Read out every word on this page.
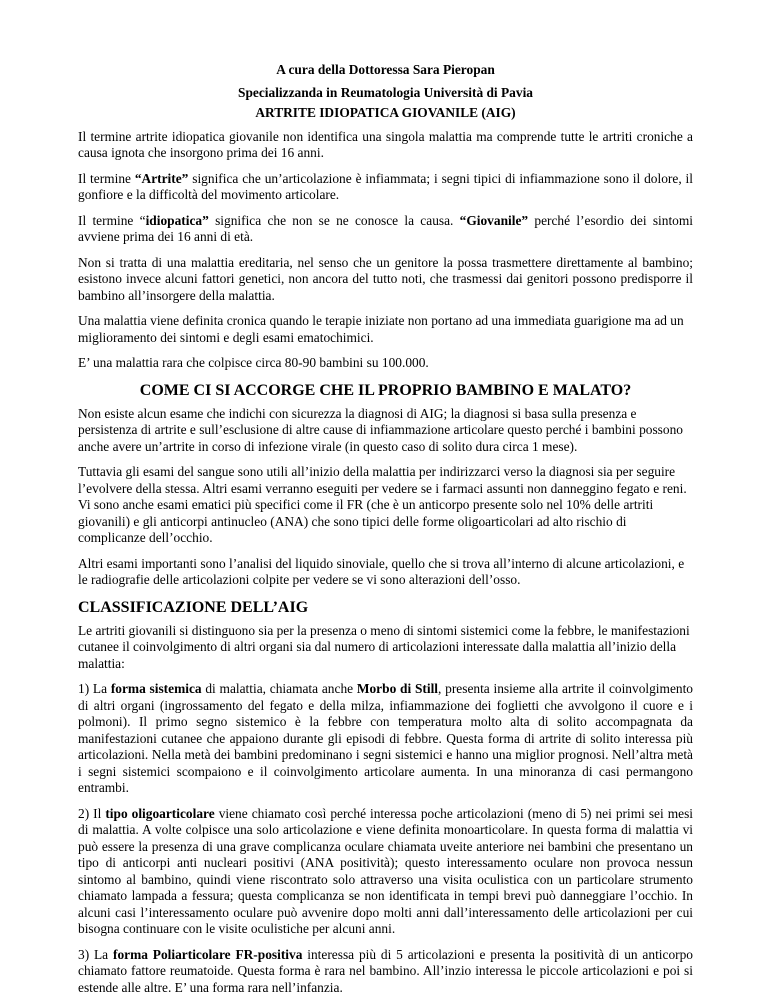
A cura della Dottoressa Sara Pieropan
Specializzanda in Reumatologia Università di Pavia
ARTRITE IDIOPATICA GIOVANILE (AIG)

Il termine artrite idiopatica giovanile non identifica una singola malattia ma comprende tutte le artriti croniche a causa ignota che insorgono prima dei 16 anni.

Il termine “Artrite” significa che un’articolazione è infiammata; i segni tipici di infiammazione sono il dolore, il gonfiore e la difficoltà del movimento articolare.

Il termine “idiopatica” significa che non se ne conosce la causa. “Giovanile” perché l’esordio dei sintomi avviene prima dei 16 anni di età.

Non si tratta di una malattia ereditaria, nel senso che un genitore la possa trasmettere direttamente al bambino; esistono invece alcuni fattori genetici, non ancora del tutto noti, che trasmessi dai genitori possono predisporre il bambino all’insorgere della malattia.

Una malattia viene definita cronica quando le terapie iniziate non portano ad una immediata guarigione ma ad un miglioramento dei sintomi e degli esami ematochimici.

E’ una malattia rara che colpisce circa 80-90 bambini su 100.000.

COME CI SI ACCORGE CHE IL PROPRIO BAMBINO E MALATO?

Non esiste alcun esame che indichi con sicurezza la diagnosi di AIG; la diagnosi si basa sulla presenza e persistenza di artrite e sull’esclusione di altre cause di infiammazione articolare questo perché i bambini possono anche avere un’artrite in corso di infezione virale (in questo caso di solito dura circa 1 mese).

Tuttavia gli esami del sangue sono utili all’inizio della malattia per indirizzarci verso la diagnosi sia per seguire l’evolvere della stessa. Altri esami verranno eseguiti per vedere se i farmaci assunti non danneggino fegato e reni. Vi sono anche esami ematici più specifici come il FR (che è un anticorpo presente solo nel 10% delle artriti giovanili) e gli anticorpi antinucleo (ANA) che sono tipici delle forme oligoarticolari ad alto rischio di complicanze dell’occhio.

Altri esami importanti sono l’analisi del liquido sinoviale, quello che si trova all’interno di alcune articolazioni, e le radiografie delle articolazioni colpite per vedere se vi sono alterazioni dell’osso.

CLASSIFICAZIONE DELL’AIG

Le artriti giovanili si distinguono sia per la presenza o meno di sintomi sistemici come la febbre, le manifestazioni cutanee il coinvolgimento di altri organi sia dal numero di articolazioni interessate dalla malattia all’inizio della malattia:

1) La forma sistemica di malattia, chiamata anche Morbo di Still, presenta insieme alla artrite il coinvolgimento di altri organi (ingrossamento del fegato e della milza, infiammazione dei foglietti che avvolgono il cuore e i polmoni). Il primo segno sistemico è la febbre con temperatura molto alta di solito accompagnata da manifestazioni cutanee che appaiono durante gli episodi di febbre. Questa forma di artrite di solito interessa più articolazioni. Nella metà dei bambini predominano i segni sistemici e hanno una miglior prognosi. Nell’altra metà i segni sistemici scompaiono e il coinvolgimento articolare aumenta. In una minoranza di casi permangono entrambi.

2) Il tipo oligoarticolare viene chiamato così perché interessa poche articolazioni (meno di 5) nei primi sei mesi di malattia. A volte colpisce una solo articolazione e viene definita monoarticolare. In questa forma di malattia vi può essere la presenza di una grave complicanza oculare chiamata uveite anteriore nei bambini che presentano un tipo di anticorpi anti nucleari positivi (ANA positività); questo interessamento oculare non provoca nessun sintomo al bambino, quindi viene riscontrato solo attraverso una visita oculistica con un particolare strumento chiamato lampada a fessura; questa complicanza se non identificata in tempi brevi può danneggiare l’occhio. In alcuni casi l’interessamento oculare può avvenire dopo molti anni dall’interessamento delle articolazioni per cui bisogna continuare con le visite oculistiche per alcuni anni.

3) La forma Poliarticolare FR-positiva interessa più di 5 articolazioni e presenta la positività di un anticorpo chiamato fattore reumatoide. Questa forma è rara nel bambino. All’inzio interessa le piccole articolazioni e poi si estende alle altre. E’ una forma rara nell’infanzia.
